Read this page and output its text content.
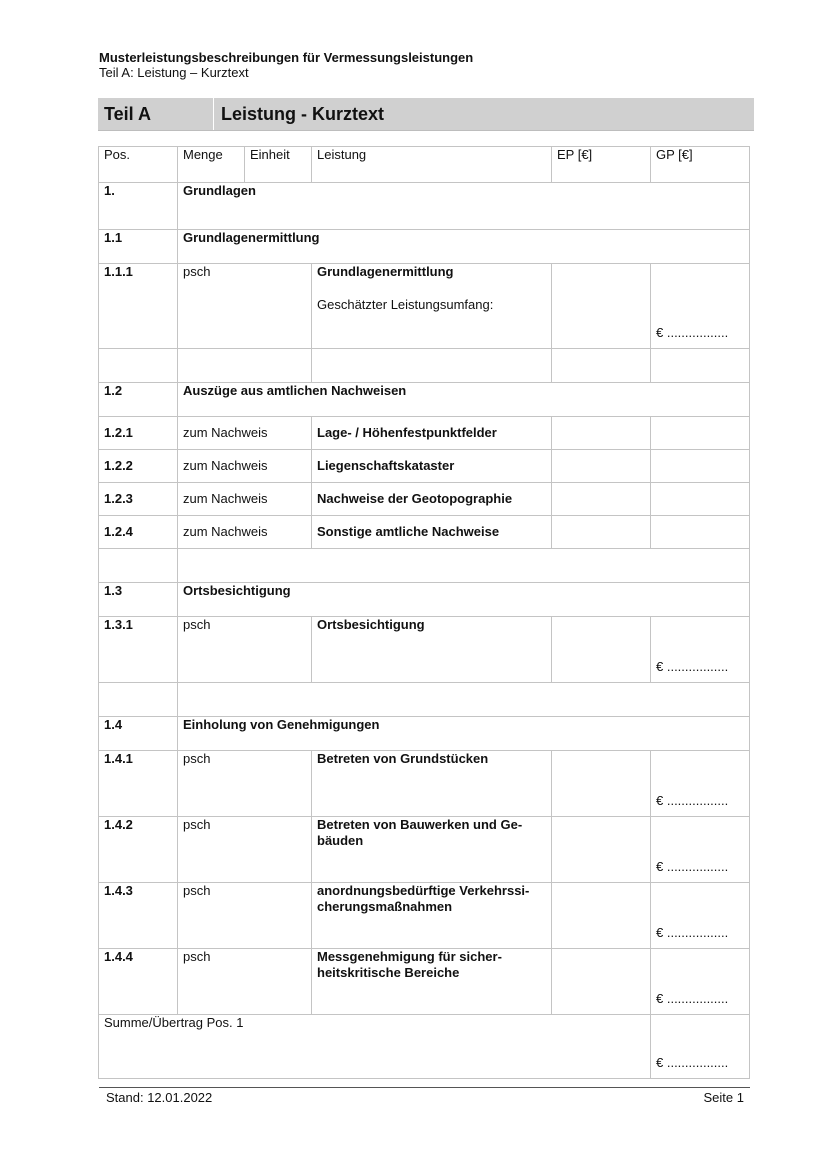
Musterleistungsbeschreibungen für Vermessungsleistungen
Teil A: Leistung – Kurztext
Teil A	Leistung - Kurztext
Pos.	Menge	Einheit	Leistung	EP [€]	GP [€]
1.	Grundlagen				
1.1	Grundlagenermittlung				
1.1.1	psch		Grundlagenermittlung
Geschätzter Leistungsumfang:		€ .................

1.2	Auszüge aus amtlichen Nachweisen				
1.2.1	zum Nachweis		Lage- / Höhenfestpunktfelder		
1.2.2	zum Nachweis		Liegenschaftskataster		
1.2.3	zum Nachweis		Nachweise der Geotopographie		
1.2.4	zum Nachweis		Sonstige amtliche Nachweise		

1.3	Ortsbesichtigung				
1.3.1	psch		Ortsbesichtigung		€ .................

1.4	Einholung von Genehmigungen				
1.4.1	psch		Betreten von Grundstücken		€ .................
1.4.2	psch		Betreten von Bauwerken und Ge-
bäuden		€ .................
1.4.3	psch		anordnungsbedürftige Verkehrssi-
cherungsmaßnahmen		€ .................
1.4.4	psch		Messgenehmigung für sicher-
heitskritische Bereiche		€ .................
Summe/Übertrag Pos. 1					€ .................
Stand: 12.01.2022	Seite 1
